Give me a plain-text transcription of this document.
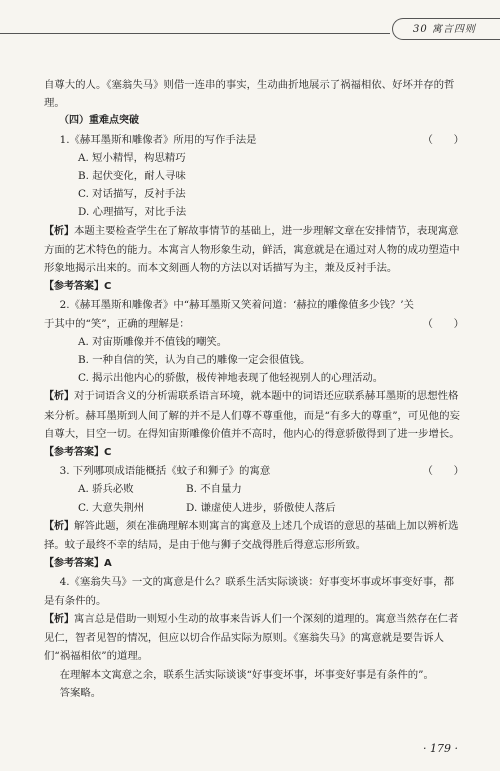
30 寓言四则

自尊大的人。《塞翁失马》则借一连串的事实，生动曲折地展示了祸福相依、好坏并存的哲理。

（四）重难点突破

1.《赫耳墨斯和雕像者》所用的写作手法是	（　　）

A. 短小精悍，构思精巧

B. 起伏变化，耐人寻味

C. 对话描写，反衬手法

D. 心理描写，对比手法

【析】本题主要检查学生在了解故事情节的基础上，进一步理解文章在安排情节，表现寓意方面的艺术特色的能力。本寓言人物形象生动，鲜活，寓意就是在通过对人物的成功塑造中形象地揭示出来的。而本文刻画人物的方法以对话描写为主，兼及反衬手法。

【参考答案】C

2.《赫耳墨斯和雕像者》中“赫耳墨斯又笑着问道：‘赫拉的雕像值多少钱？’关于其中的“笑”，正确的理解是：	（　　）

A. 对宙斯雕像并不值钱的嘲笑。

B. 一种自信的笑，认为自己的雕像一定会很值钱。

C. 揭示出他内心的骄傲，极传神地表现了他轻视别人的心理活动。

【析】对于词语含义的分析需联系语言环境，就本题中的词语还应联系赫耳墨斯的思想性格来分析。赫耳墨斯到人间了解的并不是人们尊不尊重他，而是“有多大的尊重”，可见他的妄自尊大，目空一切。在得知宙斯雕像价值并不高时，他内心的得意骄傲得到了进一步增长。

【参考答案】C

3. 下列哪项成语能概括《蚊子和狮子》的寓意	（　　）

A. 骄兵必败	B. 不自量力

C. 大意失荆州	D. 谦虚使人进步，骄傲使人落后

【析】解答此题，须在准确理解本则寓言的寓意及上述几个成语的意思的基础上加以辨析选择。蚊子最终不幸的结局，是由于他与狮子交战得胜后得意忘形所致。

【参考答案】A

4.《塞翁失马》一文的寓意是什么？联系生活实际谈谈：好事变坏事或坏事变好事，都是有条件的。

【析】寓言总是借助一则短小生动的故事来告诉人们一个深刻的道理的。寓意当然存在仁者见仁，智者见智的情况，但应以切合作品实际为原则。《塞翁失马》的寓意就是要告诉人们“祸福相依”的道理。

在理解本文寓意之余，联系生活实际谈谈“好事变坏事，坏事变好事是有条件的”。

答案略。

· 179 ·
